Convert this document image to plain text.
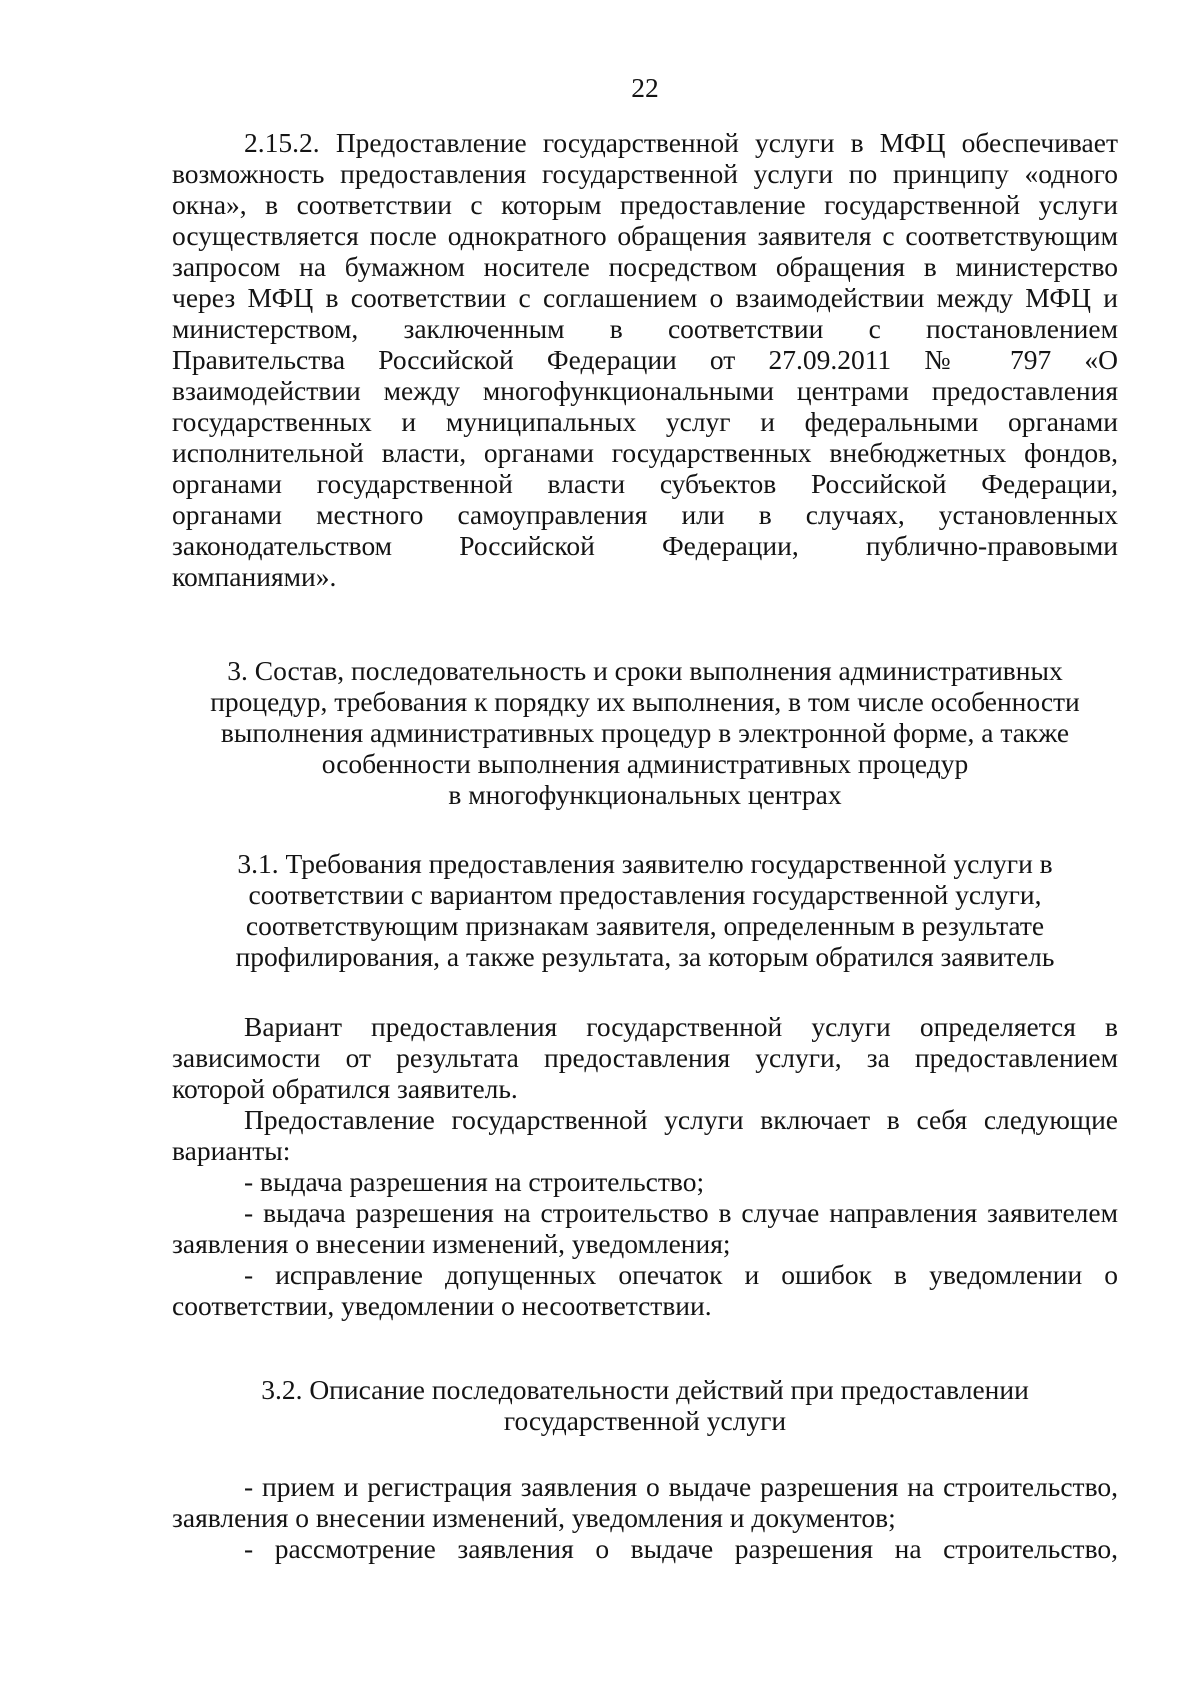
22
2.15.2. Предоставление государственной услуги в МФЦ обеспечивает
возможность предоставления государственной услуги по принципу «одного
окна», в соответствии с которым предоставление государственной услуги
осуществляется после однократного обращения заявителя с соответствующим
запросом на бумажном носителе посредством обращения в министерство
через МФЦ в соответствии с соглашением о взаимодействии между МФЦ и
министерством, заключенным в соответствии с постановлением
Правительства Российской Федерации от 27.09.2011 № 797 «О
взаимодействии между многофункциональными центрами предоставления
государственных и муниципальных услуг и федеральными органами
исполнительной власти, органами государственных внебюджетных фондов,
органами государственной власти субъектов Российской Федерации,
органами местного самоуправления или в случаях, установленных
законодательством Российской Федерации, публично-правовыми
компаниями».
3. Состав, последовательность и сроки выполнения административных
процедур, требования к порядку их выполнения, в том числе особенности
выполнения административных процедур в электронной форме, а также
особенности выполнения административных процедур
в многофункциональных центрах
3.1. Требования предоставления заявителю государственной услуги в
соответствии с вариантом предоставления государственной услуги,
соответствующим признакам заявителя, определенным в результате
профилирования, а также результата, за которым обратился заявитель
Вариант предоставления государственной услуги определяется в
зависимости от результата предоставления услуги, за предоставлением
которой обратился заявитель.
Предоставление государственной услуги включает в себя следующие
варианты:
- выдача разрешения на строительство;
- выдача разрешения на строительство в случае направления заявителем
заявления о внесении изменений, уведомления;
- исправление допущенных опечаток и ошибок в уведомлении о
соответствии, уведомлении о несоответствии.
3.2. Описание последовательности действий при предоставлении
государственной услуги
- прием и регистрация заявления о выдаче разрешения на строительство,
заявления о внесении изменений, уведомления и документов;
- рассмотрение заявления о выдаче разрешения на строительство,
